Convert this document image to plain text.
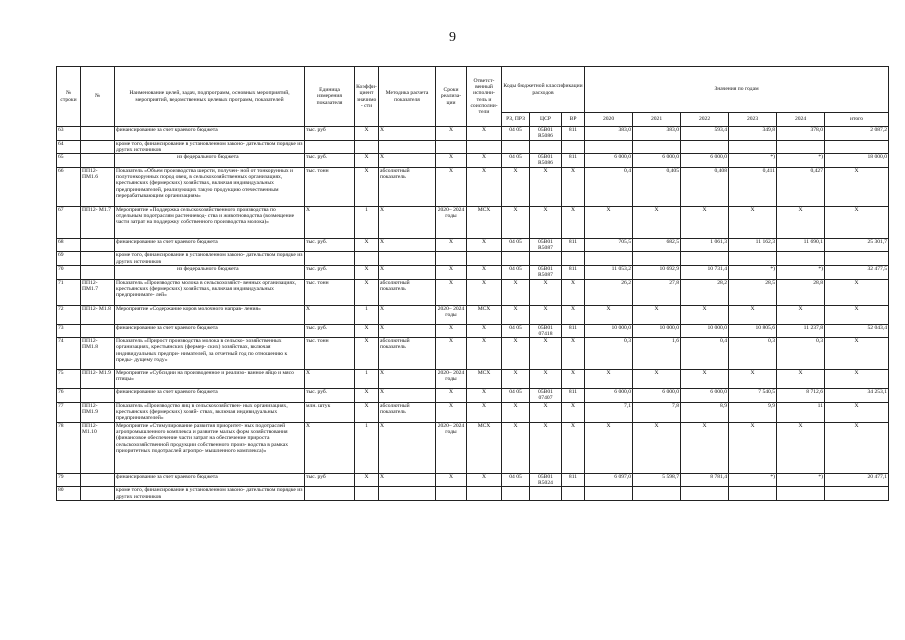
9
№ строки	№	Наименование целей, задач, подпрограмм, основных мероприятий, мероприятий, ведомственных целевых программ, показателей	Единица измерения показателя	Коэффи- циент значимо- сти	Методика расчета показателя	Сроки реализа- ции	Ответст- венный исполни- тель и соисполни- тели	Коды бюджетной классификации расходов			Значения по годам					
								РЗ, ПРЗ	ЦСР	ВР	2020	2021	2022	2023	2024	итого
63		финансирование за счет краевого бюджета	тыс. руб	X	X	X	X	04 05	05В01 R5086	811	383,0	383,0	593,4	349,8	378,0	2 087,2
64		кроме того, финансирование в установленном законо- дательством порядке из других источников														
65		из федерального бюджета	тыс. руб.	X	X	X	X	04 05	05В01 R5086	811	6 000,0	6 000,0	6 000,0	*)	*)	18 000,0
66	ПП12- ПМ1.6	Показатель «Объем производства шерсти, получен- ной от тонкорунных и полутонкорунных пород овец, в сельскохозяйственных организациях, крестьянских (фермерских) хозяйствах, включая индивидуальных предпринимателей, реализующих такую продукцию отечественным перерабатывающим организациям»	тыс. тонн	X	абсолютный показатель	X	X	X	X	X	0,4	0,405	0,408	0,411	0,427	X
67	ПП12- М1.7	Мероприятие «Поддержка сельскохозяйственного производства по отдельным подотраслям растениевод- ства и животноводства (возмещение части затрат на поддержку собственного производства молока)»	X	1	X	2020– 2024 годы	МСХ	X	X	X	X	X	X	X	X	X
68		финансирование за счет краевого бюджета	тыс. руб.	X	X	X	X	04 05	05В01 R5087	811	705,5	682,5	1 061,3	11 162,3	11 690,1	25 301,7
69		кроме того, финансирование в установленном законо- дательством порядке из других источников														
70		из федерального бюджета	тыс. руб.	X	X	X	X	04 05	05В01 R5087	811	11 053,2	10 692,9	10 731,4	*)	*)	32 477,5
71	ПП12- ПМ1.7	Показатель «Производство молока в сельскохозяйст- венных организациях, крестьянских (фермерских) хозяйствах, включая индивидуальных предпринимате- лей»	тыс. тонн	X	абсолютный показатель	X	X	X	X	X	26,2	27,8	28,2	28,5	28,8	X
72	ПП12- М1.8	Мероприятие «Содержание коров молочного направ- ления»	X	1	X	2020– 2024 годы	МСХ	X	X	X	X	X	X	X	X	X
73		финансирование за счет краевого бюджета	тыс. руб.	X	X	X	X	04 05	05В01 07418	811	10 000,0	10 000,0	10 000,0	10 805,6	11 237,8	52 043,4
74	ПП12- ПМ1.8	Показатель «Прирост производства молока в сельско- хозяйственных организациях, крестьянских (фермер- ских) хозяйствах, включая индивидуальных предпри- нимателей, за отчетный год по отношению к преды- дущему году»	тыс. тонн	X	абсолютный показатель	X	X	X	X	X	0,3	1,6	0,4	0,3	0,3	X
75	ПП12- М1.9	Мероприятие «Субсидии на производенное и реализо- ванное яйцо и мясо птицы»	X	1	X	2020– 2024 годы	МСХ	X	X	X	X	X	X	X	X	X
76		финансирование за счет краевого бюджета	тыс. руб.	X	X	X	X	04 05	05В01 07407	811	6 000,0	6 000,0	6 000,0	7 540,5	8 712,6	34 253,1
77	ПП12- ПМ1.9	Показатель «Производство яиц в сельскохозяйствен- ных организациях, крестьянских (фермерских) хозяй- ствах, включая индивидуальных предпринимателей»	млн. штук	X	абсолютный показатель	X	X	X	X	X	7,1	7,8	8,9	9,9	11	X
78	ПП12- М1.10	Мероприятие «Стимулирование развития приоритет- ных подотраслей агропромышленного комплекса и развитие малых форм хозяйствования (финансовое обеспечение части затрат на обеспечение прироста сельскохозяйственной продукции собственного произ- водства в рамках приоритетных подотраслей агропро- мышленного комплекса)»	X	1	X	2020– 2024 годы	МСХ	X	X	X	X	X	X	X	X	X
79		финансирование за счет краевого бюджета	тыс. руб	X	X	X	X	04 05	05В01 R5024	811	6 097,0	5 598,7	8 781,4	*)	*)	20 477,1
80		кроме того, финансирование в установленном законо- дательством порядке из других источников														
